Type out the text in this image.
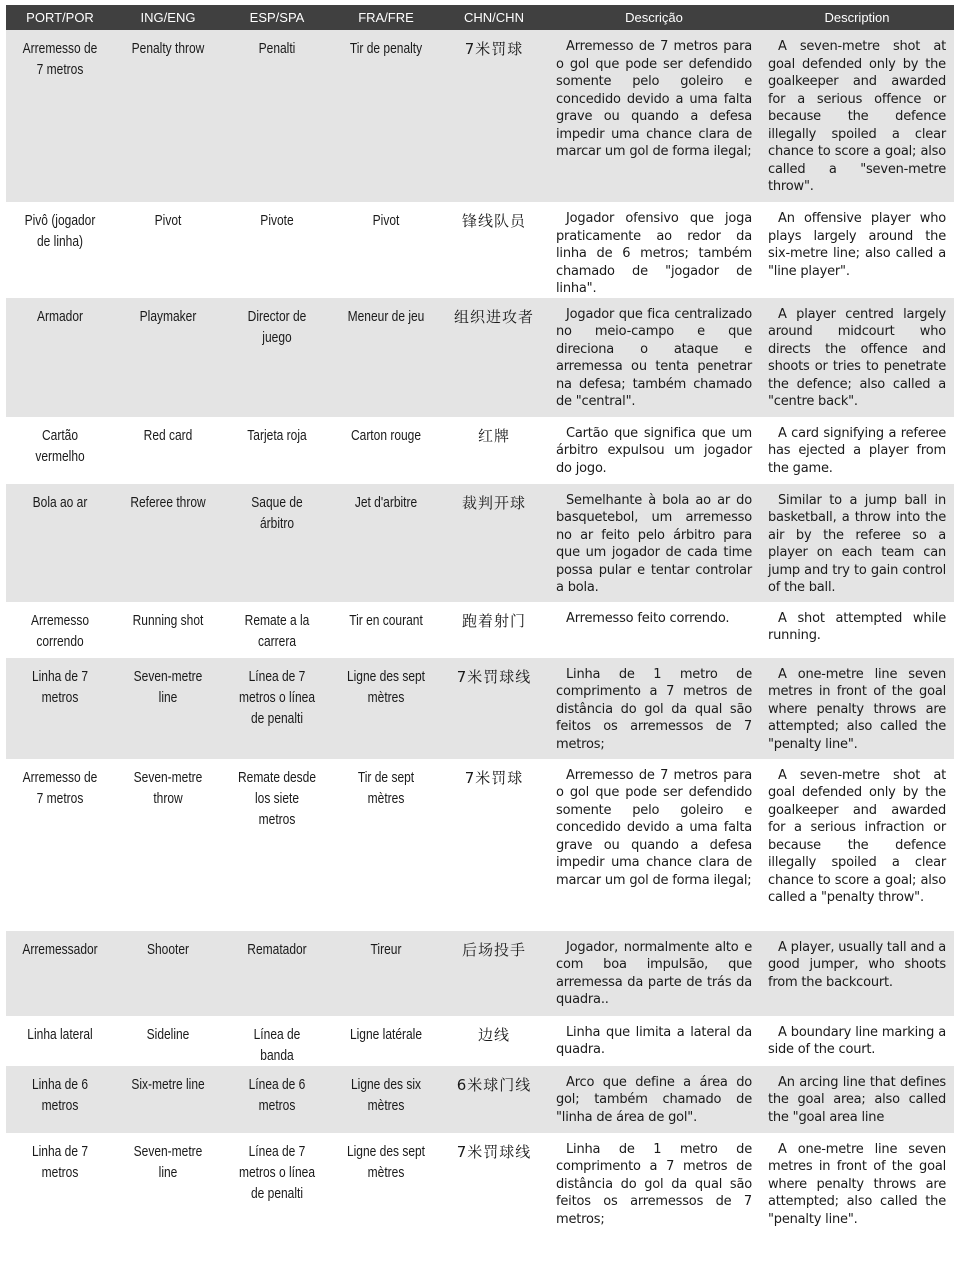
PORT/POR	ING/ENG	ESP/SPA	FRA/FRE	CHN/CHN	Descrição	Description

Arremesso de 7 metros	Penalty throw	Penalti	Tir de penalty	7米罚球	Arremesso de 7 metros para o gol que pode ser defendido somente pelo goleiro e concedido devido a uma falta grave ou quando a defesa impedir uma chance clara de marcar um gol de forma ilegal;	A seven-metre shot at goal defended only by the goalkeeper and awarded for a serious offence or because the defence illegally spoiled a clear chance to score a goal; also called a "seven-metre throw".

Pivô (jogador de linha)	Pivot	Pivote	Pivot	锋线队员	Jogador ofensivo que joga praticamente ao redor da linha de 6 metros; também chamado de "jogador de linha".	An offensive player who plays largely around the six-metre line; also called a "line player".

Armador	Playmaker	Director de juego	Meneur de jeu	组织进攻者	Jogador que fica centralizado no meio-campo e que direciona o ataque e arremessa ou tenta penetrar na defesa; também chamado de "central".	A player centred largely around midcourt who directs the offence and shoots or tries to penetrate the defence; also called a "centre back".

Cartão vermelho	Red card	Tarjeta roja	Carton rouge	红牌	Cartão que significa que um árbitro expulsou um jogador do jogo.	A card signifying a referee has ejected a player from the game.

Bola ao ar	Referee throw	Saque de árbitro	Jet d'arbitre	裁判开球	Semelhante à bola ao ar do basquetebol, um arremesso no ar feito pelo árbitro para que um jogador de cada time possa pular e tentar controlar a bola.	Similar to a jump ball in basketball, a throw into the air by the referee so a player on each team can jump and try to gain control of the ball.

Arremesso correndo	Running shot	Remate a la carrera	Tir en courant	跑着射门	Arremesso feito correndo.	A shot attempted while running.

Linha de 7 metros	Seven-metre line	Línea de 7 metros o línea de penalti	Ligne des sept mètres	7米罚球线	Linha de 1 metro de comprimento a 7 metros de distância do gol da qual são feitos os arremessos de 7 metros;	A one-metre line seven metres in front of the goal where penalty throws are attempted; also called the "penalty line".

Arremesso de 7 metros	Seven-metre throw	Remate desde los siete metros	Tir de sept mètres	7米罚球	Arremesso de 7 metros para o gol que pode ser defendido somente pelo goleiro e concedido devido a uma falta grave ou quando a defesa impedir uma chance clara de marcar um gol de forma ilegal;	A seven-metre shot at goal defended only by the goalkeeper and awarded for a serious infraction or because the defence illegally spoiled a clear chance to score a goal; also called a "penalty throw".

Arremessador	Shooter	Rematador	Tireur	后场投手	Jogador, normalmente alto e com boa impulsão, que arremessa da parte de trás da quadra..	A player, usually tall and a good jumper, who shoots from the backcourt.

Linha lateral	Sideline	Línea de banda	Ligne latérale	边线	Linha que limita a lateral da quadra.	A boundary line marking a side of the court.

Linha de 6 metros	Six-metre line	Línea de 6 metros	Ligne des six mètres	6米球门线	Arco que define a área do gol; também chamado de "linha de área de gol".	An arcing line that defines the goal area; also called the "goal area line

Linha de 7 metros	Seven-metre line	Línea de 7 metros o línea de penalti	Ligne des sept mètres	7米罚球线	Linha de 1 metro de comprimento a 7 metros de distância do gol da qual são feitos os arremessos de 7 metros;	A one-metre line seven metres in front of the goal where penalty throws are attempted; also called the "penalty line".
